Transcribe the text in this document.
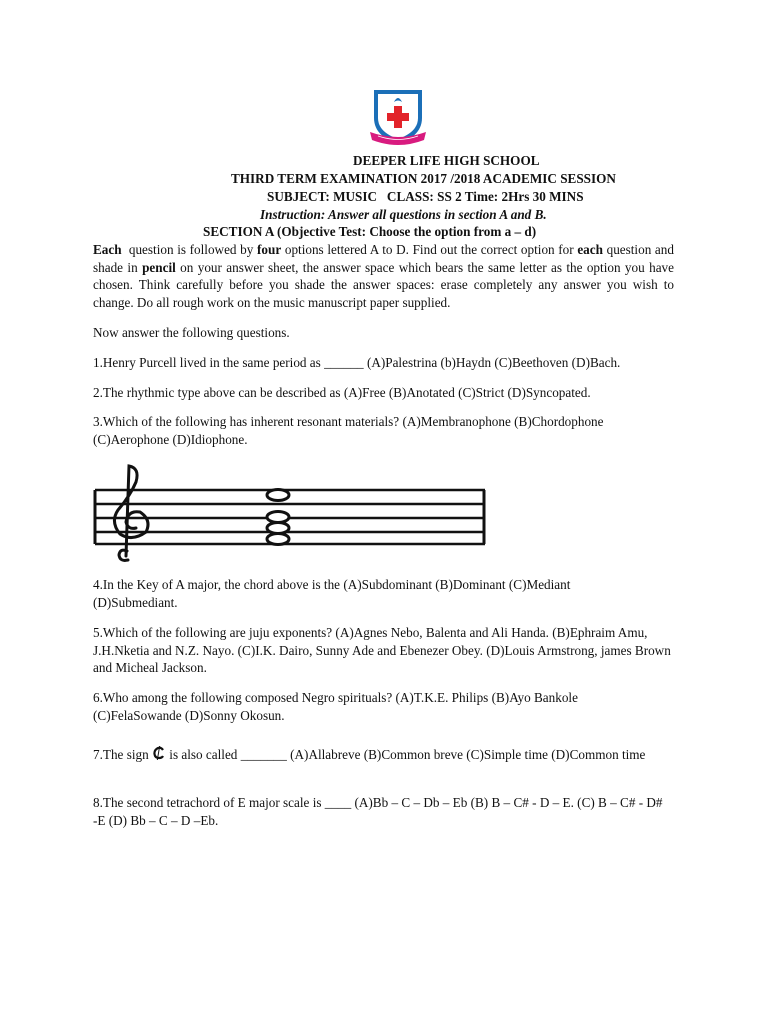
DEEPER LIFE HIGH SCHOOL
THIRD TERM EXAMINATION 2017 /2018 ACADEMIC SESSION
SUBJECT: MUSIC   CLASS: SS 2 Time: 2Hrs 30 MINS
Instruction: Answer all questions in section A and B.
SECTION A (Objective Test: Choose the option from a – d)

Each  question is followed by four options lettered A to D. Find out the correct option for each question and shade in pencil on your answer sheet, the answer space which bears the same letter as the option you have chosen. Think carefully before you shade the answer spaces: erase completely any answer you wish to change. Do all rough work on the music manuscript paper supplied.

Now answer the following questions.

1.Henry Purcell lived in the same period as ______ (A)Palestrina (b)Haydn (C)Beethoven (D)Bach.

2.The rhythmic type above can be described as (A)Free (B)Anotated (C)Strict (D)Syncopated.

3.Which of the following has inherent resonant materials? (A)Membranophone (B)Chordophone (C)Aerophone (D)Idiophone.

4.In the Key of A major, the chord above is the (A)Subdominant (B)Dominant (C)Mediant (D)Submediant.

5.Which of the following are juju exponents? (A)Agnes Nebo, Balenta and Ali Handa. (B)Ephraim Amu, J.H.Nketia and N.Z. Nayo. (C)I.K. Dairo, Sunny Ade and Ebenezer Obey. (D)Louis Armstrong, james Brown and Micheal Jackson.

6.Who among the following composed Negro spirituals? (A)T.K.E. Philips (B)Ayo Bankole (C)FelaSowande (D)Sonny Okosun.

7.The sign  is also called _______ (A)Allabreve (B)Common breve (C)Simple time (D)Common time

8.The second tetrachord of E major scale is ____ (A)Bb – C – Db – Eb (B) B – C# - D – E. (C) B – C# - D# -E (D) Bb – C – D –Eb.
